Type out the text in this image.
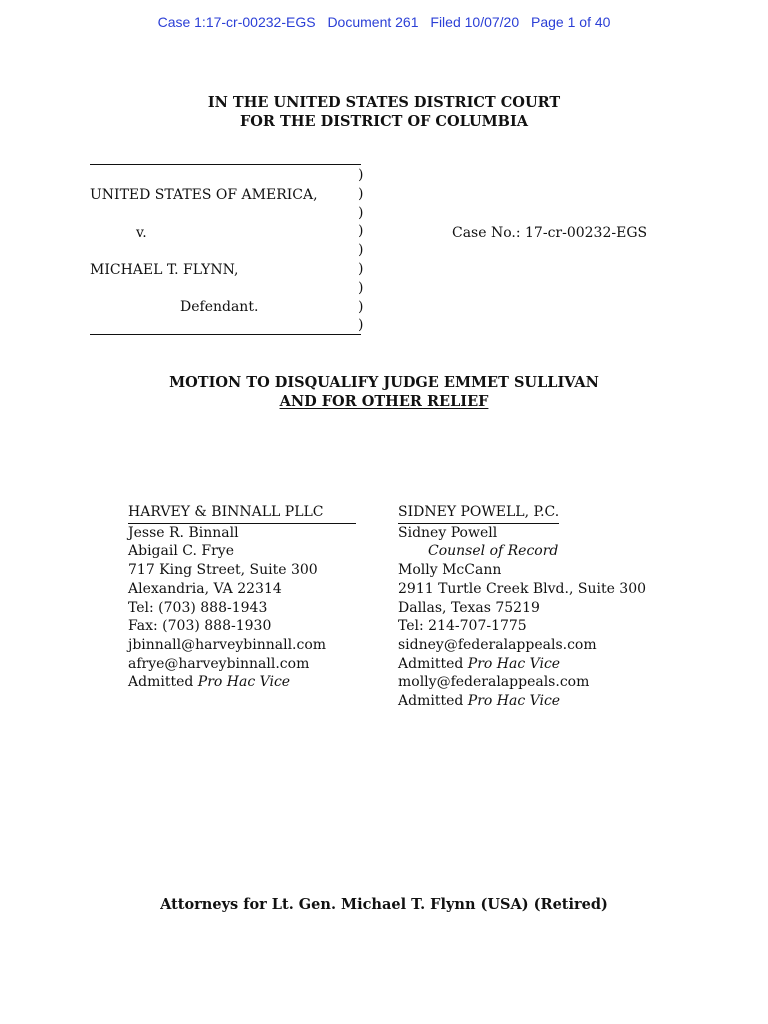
Case 1:17-cr-00232-EGS Document 261 Filed 10/07/20 Page 1 of 40
IN THE UNITED STATES DISTRICT COURT
FOR THE DISTRICT OF COLUMBIA
)
)
)
)
)
)
)
)
)
UNITED STATES OF AMERICA,
v.
MICHAEL T. FLYNN,
Defendant.
Case No.: 17-cr-00232-EGS
MOTION TO DISQUALIFY JUDGE EMMET SULLIVAN
AND FOR OTHER RELIEF
HARVEY & BINNALL PLLC
Jesse R. Binnall
Abigail C. Frye
717 King Street, Suite 300
Alexandria, VA 22314
Tel: (703) 888-1943
Fax: (703) 888-1930
jbinnall@harveybinnall.com
afrye@harveybinnall.com
Admitted Pro Hac Vice
SIDNEY POWELL, P.C.
Sidney Powell
Counsel of Record
Molly McCann
2911 Turtle Creek Blvd., Suite 300
Dallas, Texas 75219
Tel: 214-707-1775
sidney@federalappeals.com
Admitted Pro Hac Vice
molly@federalappeals.com
Admitted Pro Hac Vice
Attorneys for Lt. Gen. Michael T. Flynn (USA) (Retired)
